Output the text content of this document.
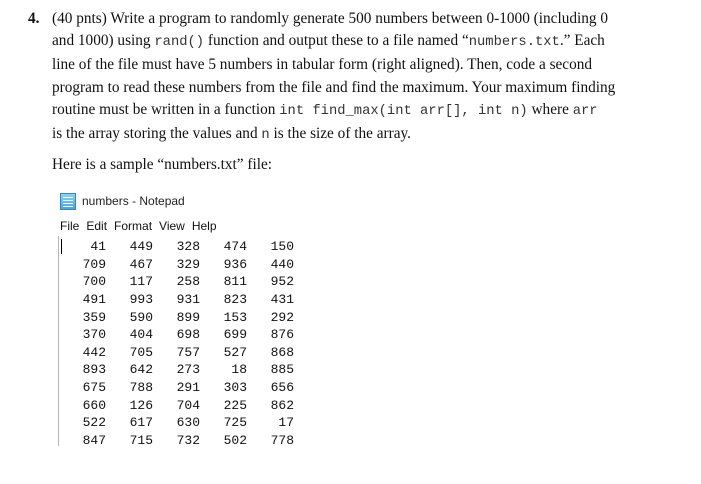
4. (40 pnts) Write a program to randomly generate 500 numbers between 0-1000 (including 0
and 1000) using rand() function and output these to a file named “numbers.txt.” Each
line of the file must have 5 numbers in tabular form (right aligned). Then, code a second
program to read these numbers from the file and find the maximum. Your maximum finding
routine must be written in a function int find_max(int arr[], int n) where arr
is the array storing the values and n is the size of the array.
Here is a sample “numbers.txt” file:
numbers - Notepad
File Edit Format View Help
41	449	328	474	150
709	467	329	936	440
700	117	258	811	952
491	993	931	823	431
359	590	899	153	292
370	404	698	699	876
442	705	757	527	868
893	642	273	18	885
675	788	291	303	656
660	126	704	225	862
522	617	630	725	17
847	715	732	502	778
